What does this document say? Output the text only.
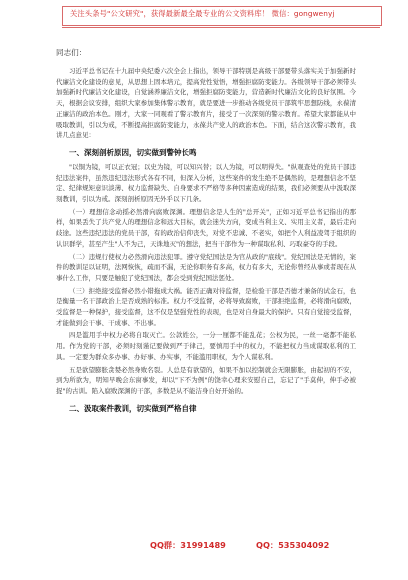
关注头条号"公文研究"，获得最新最全最专业的公文资料库！ 微信：gongwenyj

同志们：

习近平总书记在十九届中央纪委六次全会上指出，领导干部特别是高级干部要带头落实关于加强新时代廉洁文化建设的意见，从思想上固本培元，提高党性觉悟，增强拒腐防变能力。各级领导干部必须带头加强新时代廉洁文化建设，自觉涵养廉洁文化，增强拒腐防变能力，营造新时代廉洁文化的良好氛围。今天，根据会议安排，组织大家参加集体警示教育，就是要进一步推动各级党员干部筑牢思想防线，永葆清正廉洁的政治本色。刚才，大家一同观看了警示教育片，接受了一次深刻的警示教育。希望大家都能从中吸取教训，引以为戒，不断提高拒腐防变能力，永葆共产党人的政治本色。下面，结合这次警示教育，我讲几点意见：

一、深刻剖析原因，切实做到警钟长鸣

"以铜为镜，可以正衣冠；以史为镜，可以知兴替；以人为镜，可以明得失。"纵观查处的党员干部违纪违法案件，虽然违纪违法形式各有不同，但深入分析，这些案件的发生绝不是偶然的，是理想信念不坚定、纪律规矩意识淡薄、权力监督缺失、自身要求不严格等多种因素造成的结果，我们必须要从中汲取深刻教训，引以为戒。深刻剖析原因无外乎以下几条。

（一）理想信念动摇必然滑向腐败深渊。理想信念是人生的"总开关"，正如习近平总书记指出的那样，如果丢失了共产党人的理想信念和远大目标，就会迷失方向，变成当利主义、实用主义者，最后走向歧途。这些违纪违法的党员干部，有的政治信仰丧失，对党不忠诚、不老实，如把个人利益凌驾于组织的认识群学，甚至产生"人不为己，天诛地灭"的想法，把当干部作为一种谋取私利、巧取豪夺的手段。

（二）违规行使权力必然滑向违法犯罪。遵守党纪国法是为官从政的"底线"。党纪国法是无情的，案件的教训足以证明，法网恢恢，疏而不漏，无论你职务有多高，权力有多大，无论你曾经从事或者现在从事什么工作，只要是触犯了党纪国法，都会受到党纪国法惩处。

（三）拒绝接受监督必然小错拖成大祸。能否正确对待监督，是检验干部是否德才兼备的试金石，也是衡量一名干部政治上是否成熟的标准。权力不受监督，必将导致腐败，干部拒绝监督，必将滑向腐败，受监督是一种保护，接受监督，这不仅是坚强党性的表现，也是对自身最大的保护。只有自觉接受监督，才能做到会干事、干成事、不出事。

四是滥用手中权力必将自取灭亡。公款姓公，一分一厘都不能乱花；公权为民，一丝一毫都不能私用。作为党的干部，必须时刻谨记要做到严于律己，要慎用手中的权力，不能把权力当成谋取私利的工具。一定要为群众多办事、办好事、办实事，不能滥用职权，为个人谋私利。

五是欲望膨胀贪婪必然身败名裂。人总是有欲望的，如果不加以控制就会无限膨胀，由起初的不安，到为所欲为，明知早晚会东窗事发，却以"下不为例"的饶幸心理来安慰自己，忘记了"手莫伸，伸手必被捉"的古训。陷入腐败深渊的干部，多数是从不能洁身自好开始的。

二、汲取案件教训，切实做到严格自律
QQ群：31991489	QQ：535304092
